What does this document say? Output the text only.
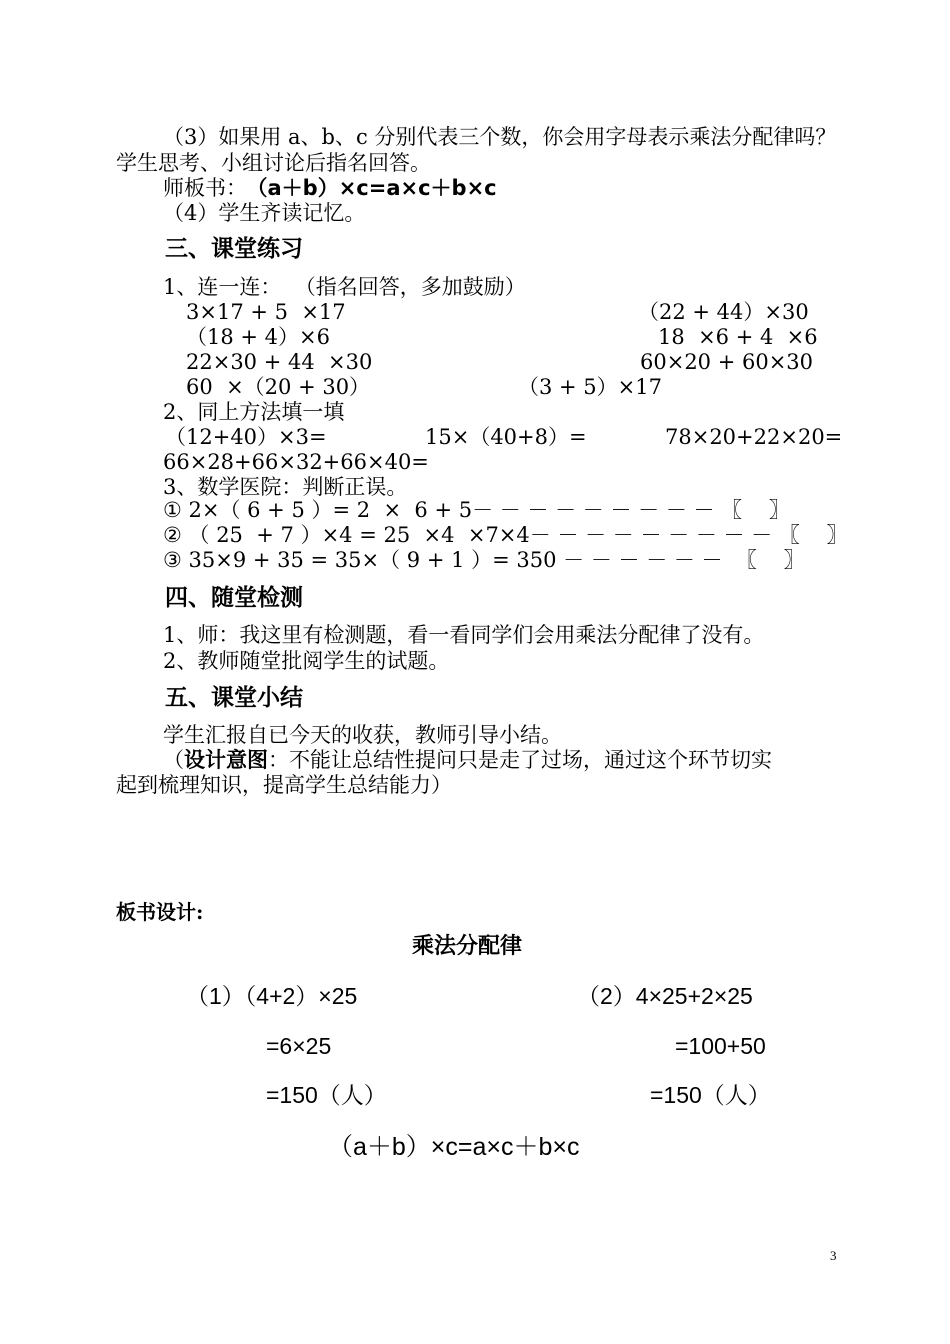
（3）如果用 a、b、c 分别代表三个数，你会用字母表示乘法分配律吗？
学生思考、小组讨论后指名回答。
师板书： （a＋b）×c=a×c＋b×c
（4）学生齐读记忆。
三、课堂练习
1、连一连：  （指名回答，多加鼓励）
3×17 + 5  ×17
（18 + 4）×6
22×30 + 44  ×30
60  ×（20 + 30）
（22 + 44）×30
18  ×6 + 4  ×6
60×20 + 60×30
（3 + 5）×17
2、同上方法填一填
（12+40）×3=	15×（40+8）=	78×20+22×20=
66×28+66×32+66×40=
3、数学医院：判断正误。
① 2×（ 6 + 5 ）= 2  ×  6 + 5－ － － － － － － － － 〖    〗
② （ 25  + 7 ）×4 = 25  ×4  ×7×4－ － － － － － － － － 〖    〗
③ 35×9 + 35 = 35×（ 9 + 1 ）= 350 － － － － － －  〖    〗
四、随堂检测
1、师：我这里有检测题，看一看同学们会用乘法分配律了没有。
2、教师随堂批阅学生的试题。
五、课堂小结
学生汇报自已今天的收获，教师引导小结。
（设计意图：不能让总结性提问只是走了过场，通过这个环节切实
起到梳理知识，提高学生总结能力）
板书设计:
乘法分配律
（1）（4+2）×25
=6×25
=150（人）
（2）4×25+2×25
=100+50
=150（人）
（a＋b）×c=a×c＋b×c
3
